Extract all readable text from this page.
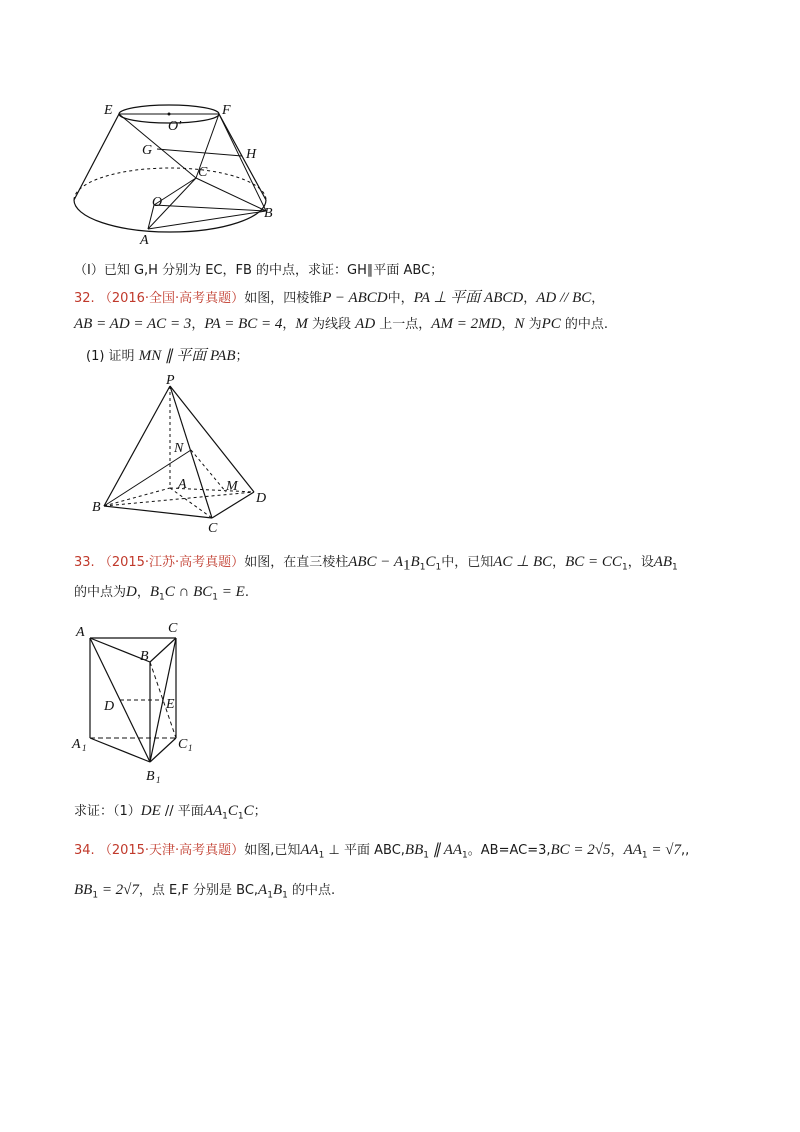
E	F
O′
G	H
C
O
B
A
（Ⅰ）已知 G,H 分别为 EC，FB 的中点，求证：GH∥平面 ABC；
32. （2016·全国·高考真题）如图，四棱锥P − ABCD中，PA ⊥ 平面 ABCD，AD // BC，
AB = AD = AC = 3，PA = BC = 4，M 为线段 AD 上一点，AM = 2MD，N 为PC 的中点.
(1) 证明 MN ∥ 平面 PAB；
P
N
A	M
D
B
C
33. （2015·江苏·高考真题）如图，在直三棱柱ABC − $A_1B_1C_1$中，已知AC ⊥ BC，BC = $CC_1$，设$AB_1$
的中点为D，$B_1C$ ∩ $BC_1 = E$.
A	C
B
D	E
A 1	C 1
B 1
求证：（1）DE // 平面$AA_1C_1C$；
34. （2015·天津·高考真题）如图,已知$AA_1$ ⊥ 平面 $ABC,BB_1$ ∥ $AA_1$。AB=AC=3,BC = 2√5，$AA_1 = √7$,,
$BB_1 = 2√7$，点 E,F 分别是 $BC,A_1B_1$ 的中点.
